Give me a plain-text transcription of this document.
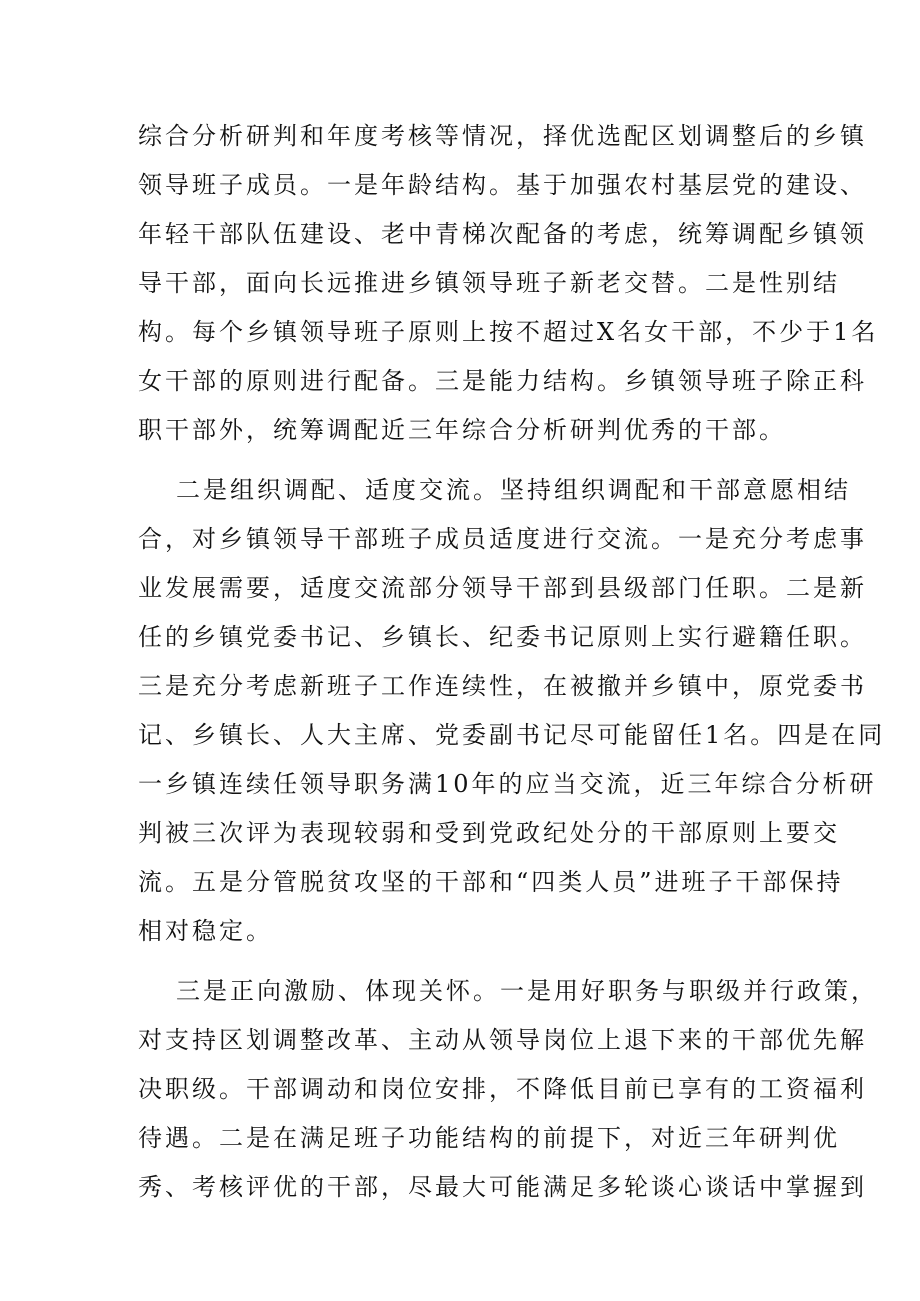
综合分析研判和年度考核等情况，择优选配区划调整后的乡镇
领导班子成员。一是年龄结构。基于加强农村基层党的建设、
年轻干部队伍建设、老中青梯次配备的考虑，统筹调配乡镇领
导干部，面向长远推进乡镇领导班子新老交替。二是性别结
构。每个乡镇领导班子原则上按不超过X名女干部，不少于1名
女干部的原则进行配备。三是能力结构。乡镇领导班子除正科
职干部外，统筹调配近三年综合分析研判优秀的干部。
二是组织调配、适度交流。坚持组织调配和干部意愿相结
合，对乡镇领导干部班子成员适度进行交流。一是充分考虑事
业发展需要，适度交流部分领导干部到县级部门任职。二是新
任的乡镇党委书记、乡镇长、纪委书记原则上实行避籍任职。
三是充分考虑新班子工作连续性，在被撤并乡镇中，原党委书
记、乡镇长、人大主席、党委副书记尽可能留任1名。四是在同
一乡镇连续任领导职务满10年的应当交流，近三年综合分析研
判被三次评为表现较弱和受到党政纪处分的干部原则上要交
流。五是分管脱贫攻坚的干部和“四类人员”进班子干部保持
相对稳定。
三是正向激励、体现关怀。一是用好职务与职级并行政策，
对支持区划调整改革、主动从领导岗位上退下来的干部优先解
决职级。干部调动和岗位安排，不降低目前已享有的工资福利
待遇。二是在满足班子功能结构的前提下，对近三年研判优
秀、考核评优的干部，尽最大可能满足多轮谈心谈话中掌握到
